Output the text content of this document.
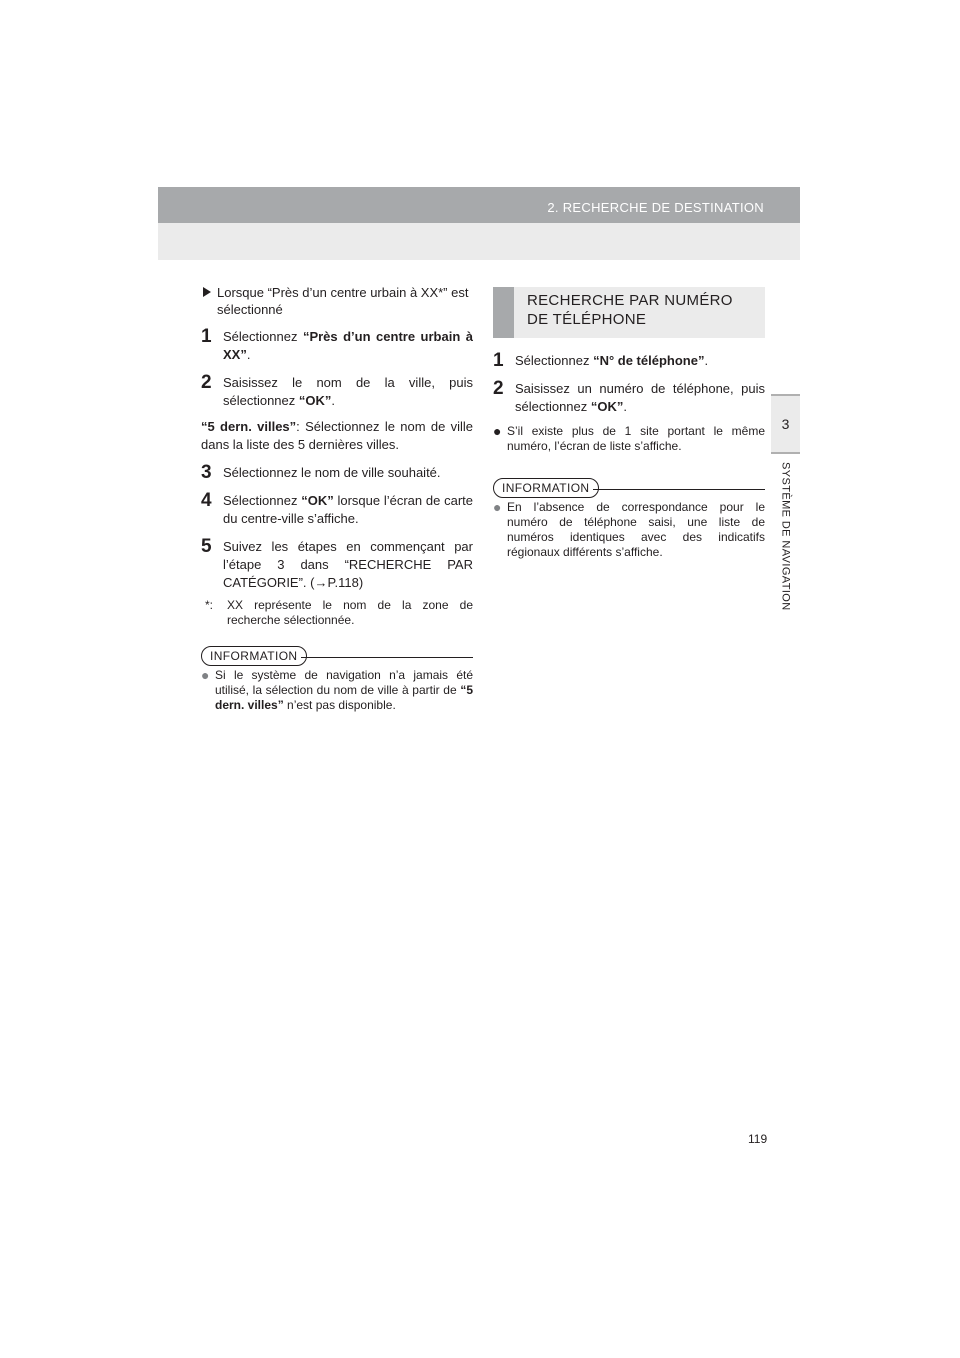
2. RECHERCHE DE DESTINATION
3
SYSTÈME DE NAVIGATION
Lorsque “Près d’un centre urbain à XX*” est sélectionné
1 Sélectionnez “Près d’un centre urbain à XX”.
2 Saisissez le nom de la ville, puis sélectionnez “OK”.
“5 dern. villes”: Sélectionnez le nom de ville dans la liste des 5 dernières villes.
3 Sélectionnez le nom de ville souhaité.
4 Sélectionnez “OK” lorsque l’écran de carte du centre-ville s’affiche.
5 Suivez les étapes en commençant par l’étape 3 dans “RECHERCHE PAR CATÉGORIE”. (→P.118)
*:	XX représente le nom de la zone de recherche sélectionnée.
INFORMATION
● Si le système de navigation n’a jamais été utilisé, la sélection du nom de ville à partir de “5 dern. villes” n’est pas disponible.
RECHERCHE PAR NUMÉRO DE TÉLÉPHONE
1 Sélectionnez “N° de téléphone”.
2 Saisissez un numéro de téléphone, puis sélectionnez “OK”.
● S’il existe plus de 1 site portant le même numéro, l’écran de liste s’affiche.
INFORMATION
● En l’absence de correspondance pour le numéro de téléphone saisi, une liste de numéros identiques avec des indicatifs régionaux différents s’affiche.
119
